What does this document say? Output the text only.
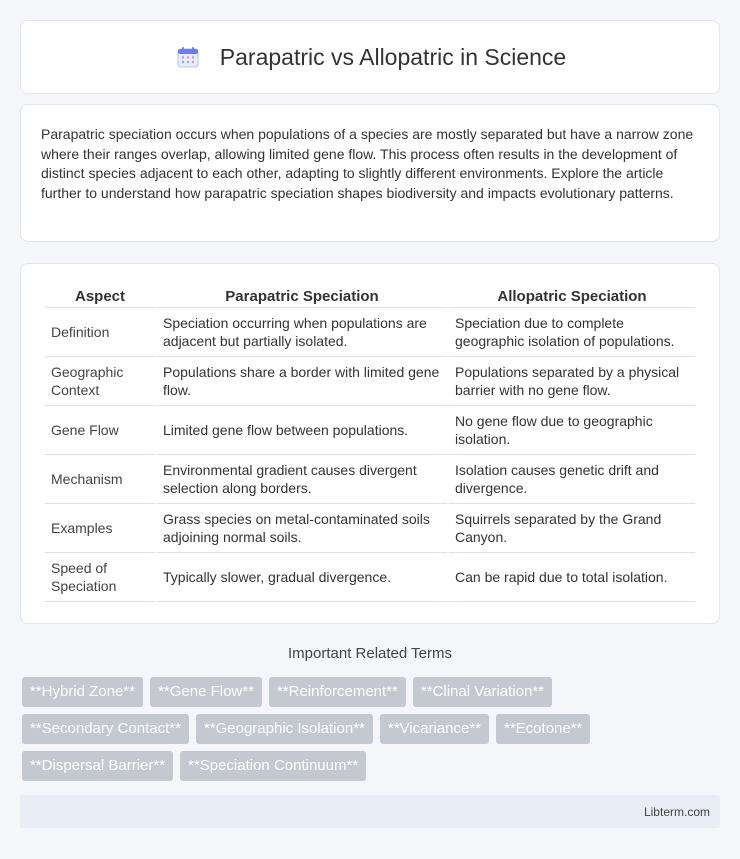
Parapatric vs Allopatric in Science

Parapatric speciation occurs when populations of a species are mostly separated but have a narrow zone where their ranges overlap, allowing limited gene flow. This process often results in the development of distinct species adjacent to each other, adapting to slightly different environments. Explore the article further to understand how parapatric speciation shapes biodiversity and impacts evolutionary patterns.

Aspect	Parapatric Speciation	Allopatric Speciation
Definition	Speciation occurring when populations are adjacent but partially isolated.	Speciation due to complete geographic isolation of populations.
Geographic Context	Populations share a border with limited gene flow.	Populations separated by a physical barrier with no gene flow.
Gene Flow	Limited gene flow between populations.	No gene flow due to geographic isolation.
Mechanism	Environmental gradient causes divergent selection along borders.	Isolation causes genetic drift and divergence.
Examples	Grass species on metal-contaminated soils adjoining normal soils.	Squirrels separated by the Grand Canyon.
Speed of Speciation	Typically slower, gradual divergence.	Can be rapid due to total isolation.
Important Related Terms
**Hybrid Zone**	**Gene Flow**	**Reinforcement**	**Clinal Variation**
**Secondary Contact**	**Geographic Isolation**	**Vicariance**	**Ecotone**
**Dispersal Barrier**	**Speciation Continuum**
Libterm.com
